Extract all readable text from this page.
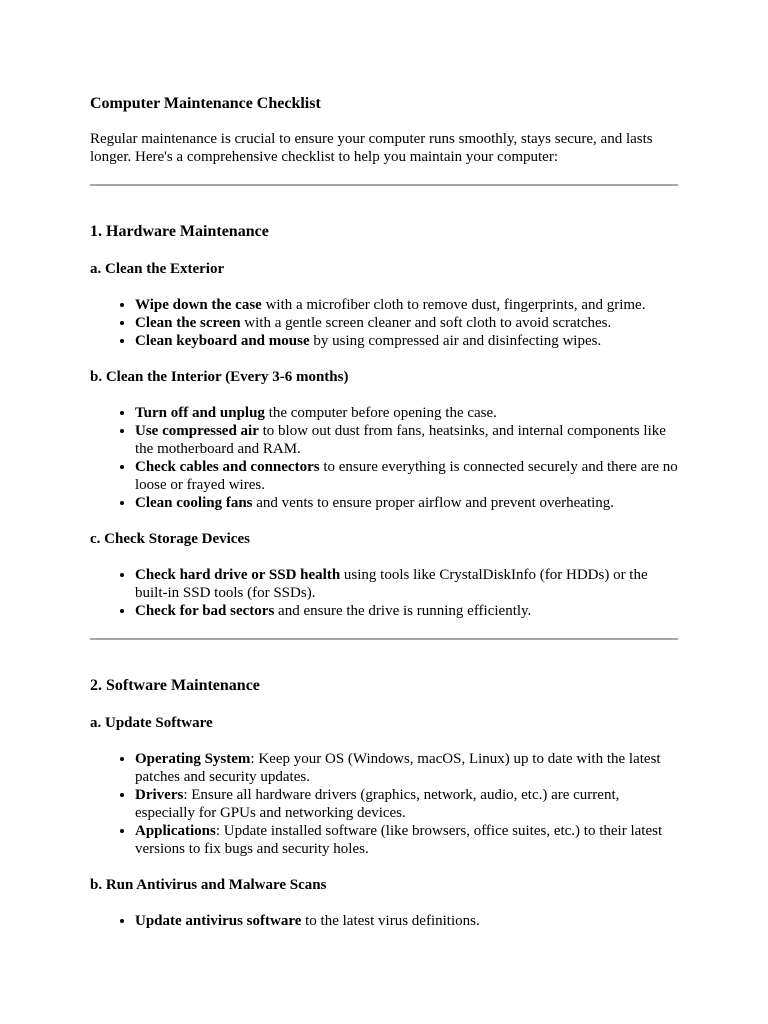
Computer Maintenance Checklist

Regular maintenance is crucial to ensure your computer runs smoothly, stays secure, and lasts longer. Here's a comprehensive checklist to help you maintain your computer:

1. Hardware Maintenance
a. Clean the Exterior
• Wipe down the case with a microfiber cloth to remove dust, fingerprints, and grime.
• Clean the screen with a gentle screen cleaner and soft cloth to avoid scratches.
• Clean keyboard and mouse by using compressed air and disinfecting wipes.
b. Clean the Interior (Every 3-6 months)
• Turn off and unplug the computer before opening the case.
• Use compressed air to blow out dust from fans, heatsinks, and internal components like the motherboard and RAM.
• Check cables and connectors to ensure everything is connected securely and there are no loose or frayed wires.
• Clean cooling fans and vents to ensure proper airflow and prevent overheating.
c. Check Storage Devices
• Check hard drive or SSD health using tools like CrystalDiskInfo (for HDDs) or the built-in SSD tools (for SSDs).
• Check for bad sectors and ensure the drive is running efficiently.
2. Software Maintenance
a. Update Software
• Operating System: Keep your OS (Windows, macOS, Linux) up to date with the latest patches and security updates.
• Drivers: Ensure all hardware drivers (graphics, network, audio, etc.) are current, especially for GPUs and networking devices.
• Applications: Update installed software (like browsers, office suites, etc.) to their latest versions to fix bugs and security holes.
b. Run Antivirus and Malware Scans
• Update antivirus software to the latest virus definitions.
